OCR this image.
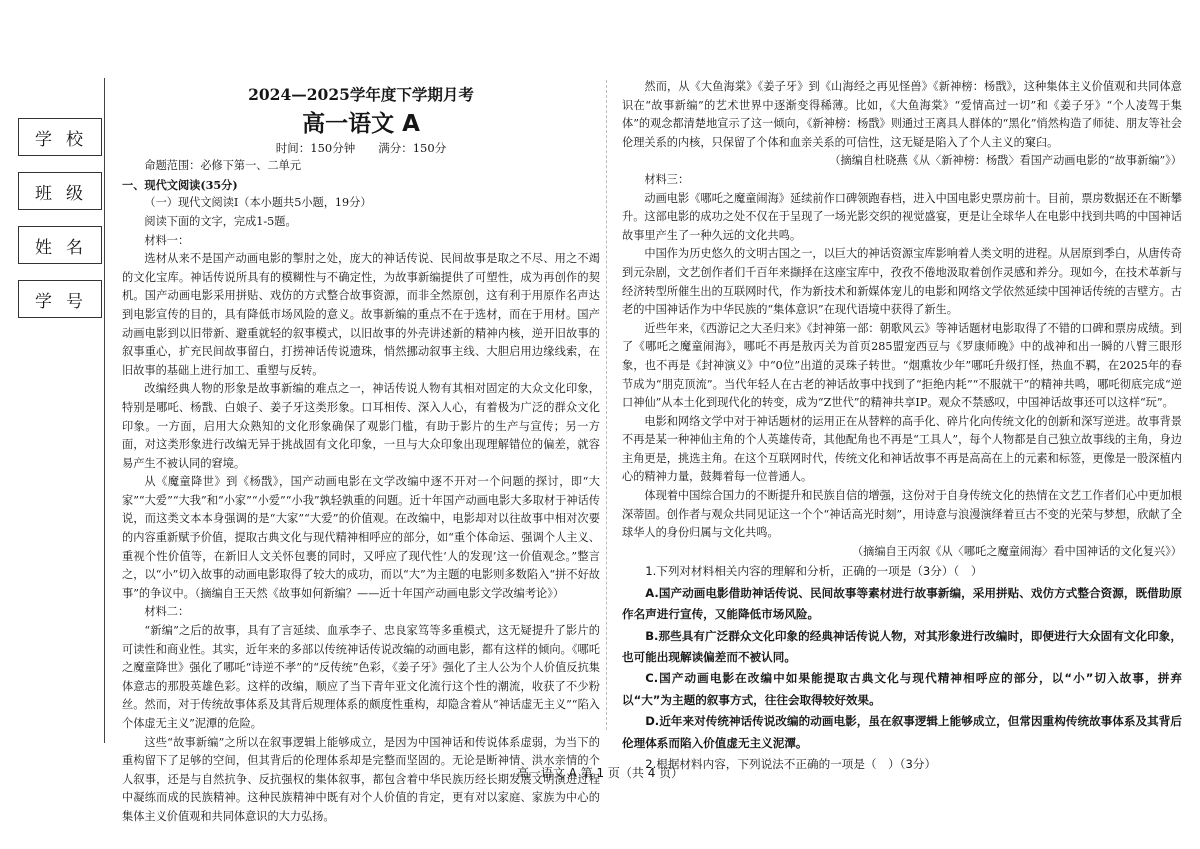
学校
班级
姓名
学号
2024—2025学年度下学期月考
高一语文 A
时间：150分钟　　满分：150分

命题范围：必修下第一、二单元

一、现代文阅读(35分)

（一）现代文阅读Ⅰ（本小题共5小题，19分）

阅读下面的文字，完成1-5题。

材料一：

选材从来不是国产动画电影的掣肘之处，庞大的神话传说、民间故事是取之不尽、用之不竭的文化宝库。神话传说所具有的模糊性与不确定性，为故事新编提供了可塑性，成为再创作的契机。国产动画电影采用拼贴、戏仿的方式整合故事资源，而非全然原创，这有利于用原作名声达到电影宣传的目的，具有降低市场风险的意义。故事新编的重点不在于选材，而在于用材。国产动画电影到以旧带新、避重就轻的叙事模式，以旧故事的外壳讲述新的精神内核，逆开旧故事的叙事重心，扩充民间故事留白，打捞神话传说遗珠，悄然挪动叙事主线、大胆启用边缘线索，在旧故事的基础上进行加工、重塑与反转。

改编经典人物的形象是故事新编的难点之一，神话传说人物有其相对固定的大众文化印象，特别是哪吒、杨戬、白娘子、姜子牙这类形象。口耳相传、深入人心，有着极为广泛的群众文化印象。一方面，启用大众熟知的文化形象确保了观影门槛，有助于影片的生产与宣传；另一方面，对这类形象进行改编无异于挑战固有文化印象，一旦与大众印象出现理解错位的偏差，就容易产生不被认同的窘境。

从《魔童降世》到《杨戬》，国产动画电影在文学改编中逐不开对一个问题的探讨，即“大家”“大爱”“大我”和“小家”“小爱”“小我”孰轻孰重的问题。近十年国产动画电影大多取材于神话传说，而这类文本本身强调的是“大家”“大爱”的价值观。在改编中，电影却对以往故事中相对次要的内容重新赋予价值，提取古典文化与现代精神相呼应的部分，如“重个体命运、强调个人主义、重视个性价值等，在新旧人文关怀包裹的同时，又呼应了现代性‘人的发现’这一价值观念。”整言之，以“小”切入故事的动画电影取得了较大的成功，而以“大”为主题的电影则多数陷入“拼不好故事”的争议中。（摘编自王天然《故事如何新编？——近十年国产动画电影文学改编考论》）

材料二：

“新编”之后的故事，具有了言延续、血承李子、忠良家笃等多重模式，这无疑提升了影片的可读性和商业性。其实，近年来的多部以传统神话传说改编的动画电影，都有这样的倾向。《哪吒之魔童降世》强化了哪吒“诗逆不孝”的“反传统”色彩，《姜子牙》强化了主人公为个人价值反抗集体意志的那股英雄色彩。这样的改编，顺应了当下青年亚文化流行这个性的潮流，收获了不少粉丝。然而，对于传统故事体系及其背后规理体系的颇度性重构，却隐含着从“神话虚无主义”“陷入个体虚无主义”泥潭的危险。

这些“故事新编”之所以在叙事逻辑上能够成立，是因为中国神话和传说体系虚弱，为当下的重构留下了足够的空间，但其背后的伦理体系却是完整而坚固的。无论是断神情、洪水亲情的个人叙事，还是与自然抗争、反抗强权的集体叙事，都包含着中华民族历经长期发展文明演进过程中凝练而成的民族精神。这种民族精神中既有对个人价值的肯定，更有对以家庭、家族为中心的集体主义价值观和共同体意识的大力弘扬。

然而，从《大鱼海棠》《姜子牙》到《山海经之再见怪兽》《新神榜：杨戬》，这种集体主义价值观和共同体意识在“故事新编”的艺术世界中逐渐变得稀薄。比如，《大鱼海棠》“爱情高过一切”和《姜子牙》“个人凌驾于集体”的观念都清楚地宣示了这一倾向，《新神榜：杨戬》则通过王离具人群体的“黑化”悄然构造了师徒、朋友等社会伦理关系的内核，只保留了个体和血亲关系的可信性，这无疑是陷入了个人主义的窠臼。

（摘编自杜晓燕《从〈新神榜：杨戬〉看国产动画电影的“故事新编”》）

材料三：

动画电影《哪吒之魔童闹海》延续前作口碑领跑春档，进入中国电影史票房前十。目前，票房数据还在不断攀升。这部电影的成功之处不仅在于呈现了一场光影交织的视觉盛宴，更是让全球华人在电影中找到共鸣的中国神话故事里产生了一种久远的文化共鸣。

中国作为历史悠久的文明古国之一，以巨大的神话资源宝库影响着人类文明的进程。从居原到季白，从唐传奇到元杂剧，文艺创作者们千百年来撷择在这座宝库中，孜孜不倦地汲取着创作灵感和养分。现如今，在技术革新与经济转型所催生出的互联网时代，作为新技术和新媒体宠儿的电影和网络文学依然延续中国神话传统的吉壁方。古老的中国神话作为中华民族的“集体意识”在现代语境中获得了新生。

近些年来，《西游记之大圣归来》《封神第一部：朝歌风云》等神话题材电影取得了不错的口碑和票房成绩。到了《哪吒之魔童闹海》，哪吒不再是敖丙关为首页285盟宠西豆与《罗康师晚》中的战神和出一瞬的八臂三眼形象，也不再是《封神演义》中“0位”出道的灵珠子转世。“烟熏妆少年”哪吒升级打怪，热血不羁，在2025年的春节成为“朋克顶流”。当代年轻人在古老的神话故事中找到了“拒绝内耗”“不服就干”的精神共鸣，哪吒彻底完成“逆口神仙”从本土化到现代化的转变，成为“Z世代”的精神共享IP。观众不禁感叹，中国神话故事还可以这样“玩”。

电影和网络文学中对于神话题材的运用正在从替粹的高手化、碎片化向传统文化的创新和深写逆进。故事背景不再是某一种神仙主角的个人英雄传奇，其他配角也不再是“工具人”，每个人物都是自己独立故事线的主角，身边主角更是，挑选主角。在这个互联网时代，传统文化和神话故事不再是高高在上的元素和标签，更像是一股深植内心的精神力量，鼓舞着每一位普通人。

体现着中国综合国力的不断提升和民族自信的增强，这份对于自身传统文化的热情在文艺工作者们心中更加根深蒂固。创作者与观众共同见证这一个个“神话高光时刻”，用诗意与浪漫演绎着亘古不变的光荣与梦想，欣献了全球华人的身份归属与文化共鸣。

（摘编自王丙叙《从〈哪吒之魔童闹海〉看中国神话的文化复兴》）

1.下列对材料相关内容的理解和分析，正确的一项是（3分）（　）

A.国产动画电影借助神话传说、民间故事等素材进行故事新编，采用拼贴、戏仿方式整合资源，既借助原作名声进行宣传，又能降低市场风险。

B.那些具有广泛群众文化印象的经典神话传说人物，对其形象进行改编时，即便进行大众固有文化印象，也可能出现解读偏差而不被认同。

C.国产动画电影在改编中如果能提取古典文化与现代精神相呼应的部分，以“小”切入故事，拼弃以“大”为主题的叙事方式，往往会取得较好效果。

D.近年来对传统神话传说改编的动画电影，虽在叙事逻辑上能够成立，但常因重构传统故事体系及其背后伦理体系而陷入价值虚无主义泥潭。

2.根据材料内容，下列说法不正确的一项是（　）（3分）

高一语文 A 第 1 页（共 4 页）
